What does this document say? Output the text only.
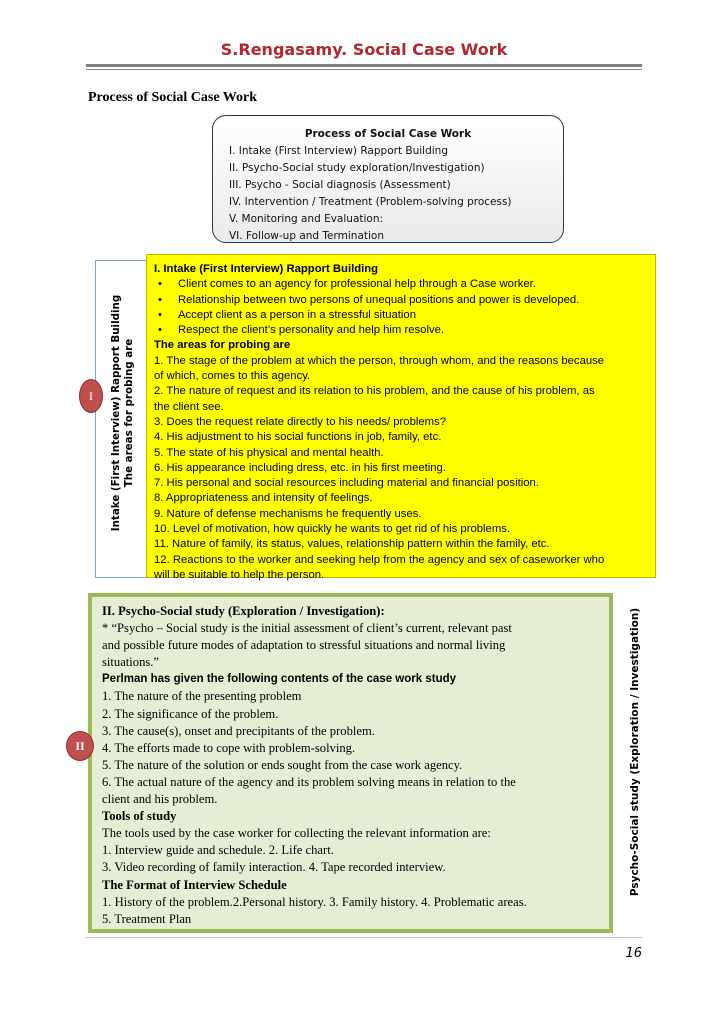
S.Rengasamy. Social Case Work
Process of Social Case Work
Process of Social Case Work
I. Intake (First Interview) Rapport Building
II. Psycho-Social study exploration/Investigation)
III. Psycho - Social diagnosis (Assessment)
IV. Intervention / Treatment (Problem-solving process)
V. Monitoring and Evaluation:
VI. Follow-up and Termination
Intake (First Interview) Rapport Building The areas for probing are
I
I. Intake (First Interview) Rapport Building
• Client comes to an agency for professional help through a Case worker.
• Relationship between two persons of unequal positions and power is developed.
• Accept client as a person in a stressful situation
• Respect the client’s personality and help him resolve.
The areas for probing are
1. The stage of the problem at which the person, through whom, and the reasons because
of which, comes to this agency.
2. The nature of request and its relation to his problem, and the cause of his problem, as
the client see.
3. Does the request relate directly to his needs/ problems?
4. His adjustment to his social functions in job, family, etc.
5. The state of his physical and mental health.
6. His appearance including dress, etc. in his first meeting.
7. His personal and social resources including material and financial position.
8. Appropriateness and intensity of feelings.
9. Nature of defense mechanisms he frequently uses.
10. Level of motivation, how quickly he wants to get rid of his problems.
11. Nature of family, its status, values, relationship pattern within the family, etc.
12. Reactions to the worker and seeking help from the agency and sex of caseworker who
will be suitable to help the person.
II. Psycho-Social study (Exploration / Investigation):
* “Psycho – Social study is the initial assessment of client’s current, relevant past
and possible future modes of adaptation to stressful situations and normal living
situations.”
Perlman has given the following contents of the case work study
1. The nature of the presenting problem
2. The significance of the problem.
3. The cause(s), onset and precipitants of the problem.
4. The efforts made to cope with problem-solving.
5. The nature of the solution or ends sought from the case work agency.
6. The actual nature of the agency and its problem solving means in relation to the
client and his problem.
Tools of study
The tools used by the case worker for collecting the relevant information are:
1. Interview guide and schedule. 2. Life chart.
3. Video recording of family interaction. 4. Tape recorded interview.
The Format of Interview Schedule
1. History of the problem.2.Personal history. 3. Family history. 4. Problematic areas.
5. Treatment Plan
II	Psycho-Social study (Exploration / Investigation)
16
